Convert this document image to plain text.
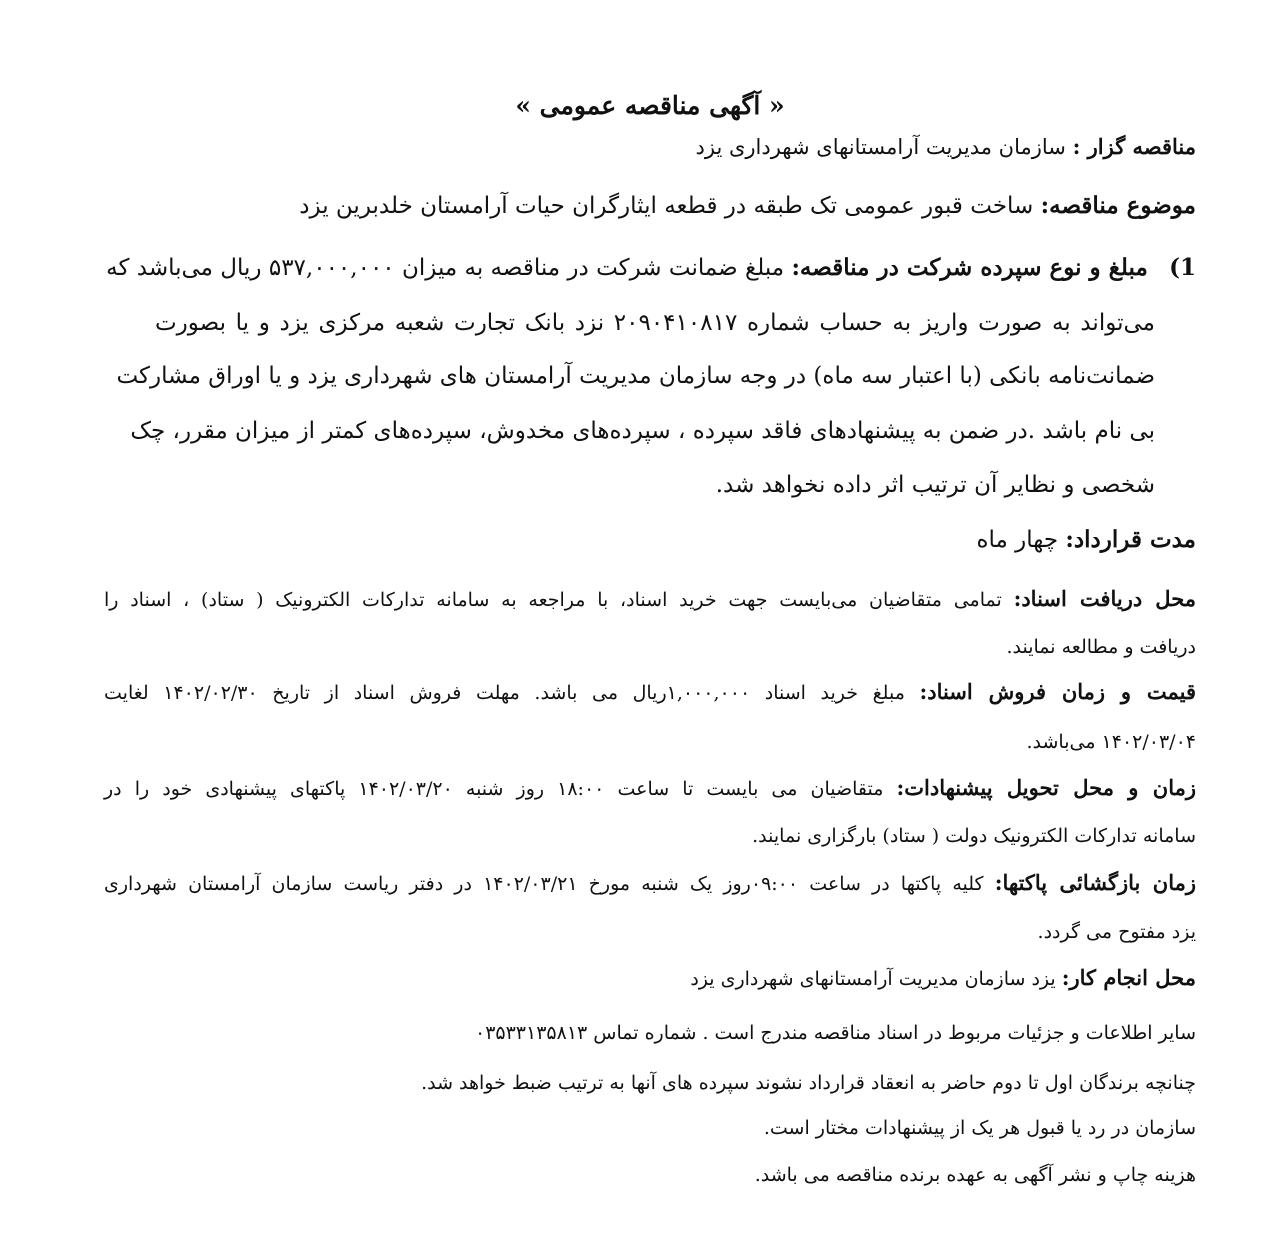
« آگهی مناقصه عمومی »
مناقصه گزار : سازمان مدیریت آرامستانهای شهرداری یزد
موضوع مناقصه: ساخت قبور عمومی تک طبقه در قطعه ایثارگران حیات آرامستان خلدبرین یزد
1) مبلغ و نوع سپرده شرکت در مناقصه: مبلغ ضمانت شرکت در مناقصه به میزان ۵۳۷,۰۰۰,۰۰۰ ریال می‌باشد که
می‌تواند به صورت واریز به حساب شماره ۲۰۹۰۴۱۰۸۱۷ نزد بانک تجارت شعبه مرکزی یزد و یا بصورت
ضمانت‌نامه بانکی (با اعتبار سه ماه) در وجه سازمان مدیریت آرامستان های شهرداری یزد و یا اوراق مشارکت
بی نام باشد .در ضمن به پیشنهادهای فاقد سپرده ، سپرده‌های مخدوش، سپرده‌های کمتر از میزان مقرر، چک
شخصی و نظایر آن ترتیب اثر داده نخواهد شد.
مدت قرارداد: چهار ماه
محل دریافت اسناد: تمامی متقاضیان می‌بایست جهت خرید اسناد، با مراجعه به سامانه تدارکات الکترونیک ( ستاد) ، اسناد را
دریافت و مطالعه نمایند.
قیمت و زمان فروش اسناد: مبلغ خرید اسناد ۱,۰۰۰,۰۰۰ریال می باشد. مهلت فروش اسناد از تاریخ ۱۴۰۲/۰۲/۳۰ لغایت
۱۴۰۲/۰۳/۰۴ می‌باشد.
زمان و محل تحویل پیشنهادات: متقاضیان می بایست تا ساعت ۱۸:۰۰ روز شنبه ۱۴۰۲/۰۳/۲۰ پاکتهای پیشنهادی خود را در
سامانه تدارکات الکترونیک دولت ( ستاد) بارگزاری نمایند.
زمان بازگشائی پاکتها: کلیه پاکتها در ساعت ۰۹:۰۰روز یک شنبه مورخ ۱۴۰۲/۰۳/۲۱ در دفتر ریاست سازمان آرامستان شهرداری
یزد مفتوح می گردد.
محل انجام کار: یزد سازمان مدیریت آرامستانهای شهرداری یزد
سایر اطلاعات و جزئیات مربوط در اسناد مناقصه مندرج است . شماره تماس ۰۳۵۳۳۱۳۵۸۱۳
چنانچه برندگان اول تا دوم حاضر به انعقاد قرارداد نشوند سپرده های آنها به ترتیب ضبط خواهد شد.
سازمان در رد یا قبول هر یک از پیشنهادات مختار است.
هزینه چاپ و نشر آگهی به عهده برنده مناقصه می باشد.
